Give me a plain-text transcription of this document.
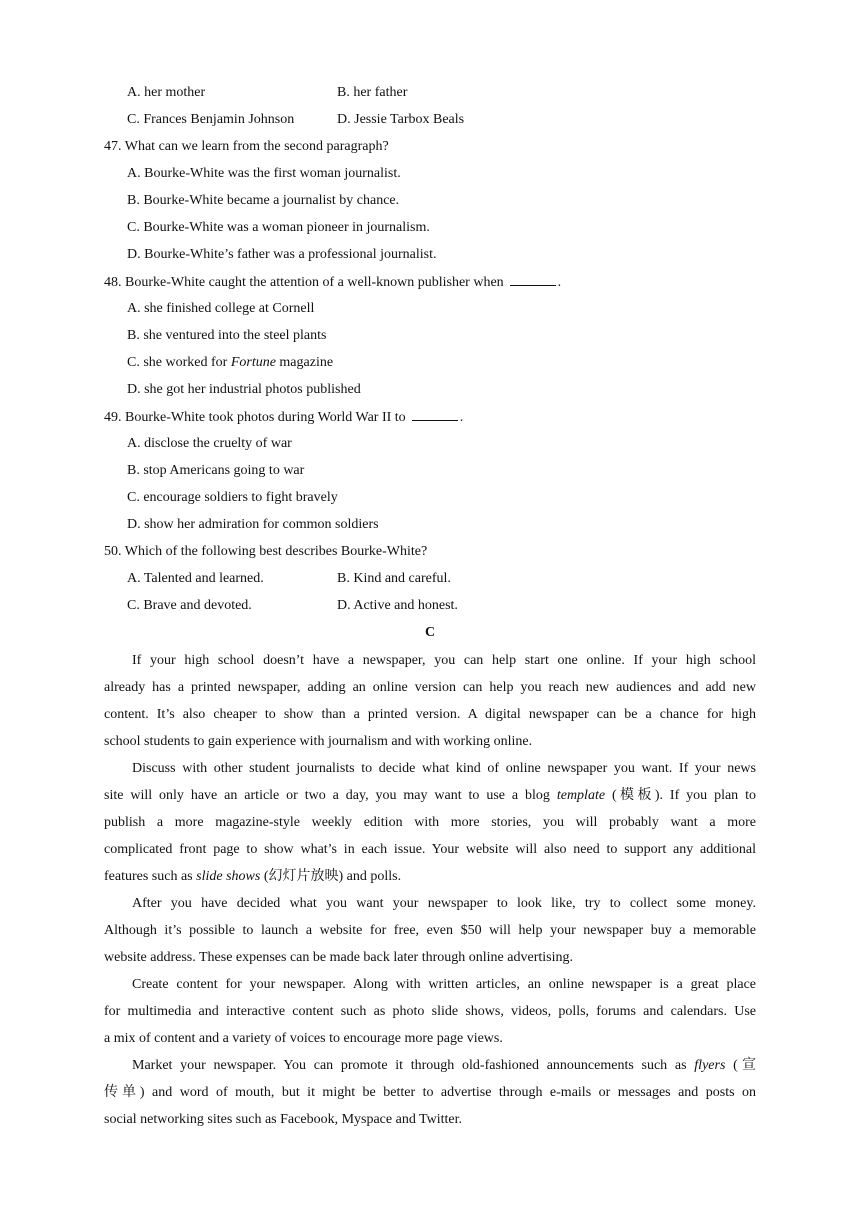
A. her mother	B. her father
C. Frances Benjamin Johnson	D. Jessie Tarbox Beals
47. What can we learn from the second paragraph?
A. Bourke-White was the first woman journalist.
B. Bourke-White became a journalist by chance.
C. Bourke-White was a woman pioneer in journalism.
D. Bourke-White’s father was a professional journalist.
48. Bourke-White caught the attention of a well-known publisher when	.
A. she finished college at Cornell
B. she ventured into the steel plants
C. she worked for Fortune magazine
D. she got her industrial photos published
49. Bourke-White took photos during World War II to	.
A. disclose the cruelty of war
B. stop Americans going to war
C. encourage soldiers to fight bravely
D. show her admiration for common soldiers
50. Which of the following best describes Bourke-White?
A. Talented and learned.	B. Kind and careful.
C. Brave and devoted.	D. Active and honest.
C
If your high school doesn’t have a newspaper, you can help start one online. If your high school
already has a printed newspaper, adding an online version can help you reach new audiences and add new
content. It’s also cheaper to show than a printed version. A digital newspaper can be a chance for high
school students to gain experience with journalism and with working online.
Discuss with other student journalists to decide what kind of online newspaper you want. If your news
site will only have an article or two a day, you may want to use a blog template (模板). If you plan to
publish a more magazine-style weekly edition with more stories, you will probably want a more
complicated front page to show what’s in each issue. Your website will also need to support any additional
features such as slide shows (幻灯片放映) and polls.
After you have decided what you want your newspaper to look like, try to collect some money.
Although it’s possible to launch a website for free, even $50 will help your newspaper buy a memorable
website address. These expenses can be made back later through online advertising.
Create content for your newspaper. Along with written articles, an online newspaper is a great place
for multimedia and interactive content such as photo slide shows, videos, polls, forums and calendars. Use
a mix of content and a variety of voices to encourage more page views.
Market your newspaper. You can promote it through old-fashioned announcements such as flyers (宣
传单) and word of mouth, but it might be better to advertise through e-mails or messages and posts on
social networking sites such as Facebook, Myspace and Twitter.
